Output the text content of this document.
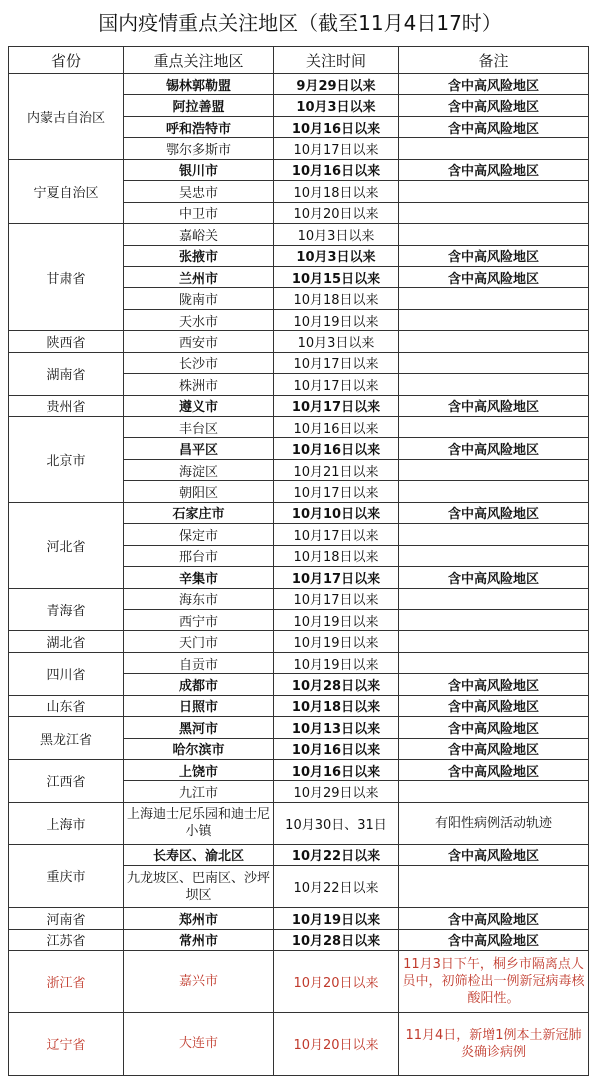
国内疫情重点关注地区（截至11月4日17时）
省份	重点关注地区	关注时间	备注
内蒙古自治区	锡林郭勒盟	9月29日以来	含中高风险地区
	阿拉善盟	10月3日以来	含中高风险地区
	呼和浩特市	10月16日以来	含中高风险地区
	鄂尔多斯市	10月17日以来	
宁夏自治区	银川市	10月16日以来	含中高风险地区
	吴忠市	10月18日以来	
	中卫市	10月20日以来	
甘肃省	嘉峪关	10月3日以来	
	张掖市	10月3日以来	含中高风险地区
	兰州市	10月15日以来	含中高风险地区
	陇南市	10月18日以来	
	天水市	10月19日以来	
陕西省	西安市	10月3日以来	
湖南省	长沙市	10月17日以来	
	株洲市	10月17日以来	
贵州省	遵义市	10月17日以来	含中高风险地区
北京市	丰台区	10月16日以来	
	昌平区	10月16日以来	含中高风险地区
	海淀区	10月21日以来	
	朝阳区	10月17日以来	
河北省	石家庄市	10月10日以来	含中高风险地区
	保定市	10月17日以来	
	邢台市	10月18日以来	
	辛集市	10月17日以来	含中高风险地区
青海省	海东市	10月17日以来	
	西宁市	10月19日以来	
湖北省	天门市	10月19日以来	
四川省	自贡市	10月19日以来	
	成都市	10月28日以来	含中高风险地区
山东省	日照市	10月18日以来	含中高风险地区
黑龙江省	黑河市	10月13日以来	含中高风险地区
	哈尔滨市	10月16日以来	含中高风险地区
江西省	上饶市	10月16日以来	含中高风险地区
	九江市	10月29日以来	
上海市	上海迪士尼乐园和迪士尼小镇	10月30日、31日	有阳性病例活动轨迹
重庆市	长寿区、渝北区	10月22日以来	含中高风险地区
	九龙坡区、巴南区、沙坪坝区	10月22日以来	
河南省	郑州市	10月19日以来	含中高风险地区
江苏省	常州市	10月28日以来	含中高风险地区
浙江省	嘉兴市	10月20日以来	11月3日下午，桐乡市隔离点人员中，初筛检出一例新冠病毒核酸阳性。
辽宁省	大连市	10月20日以来	11月4日，新增1例本土新冠肺炎确诊病例
